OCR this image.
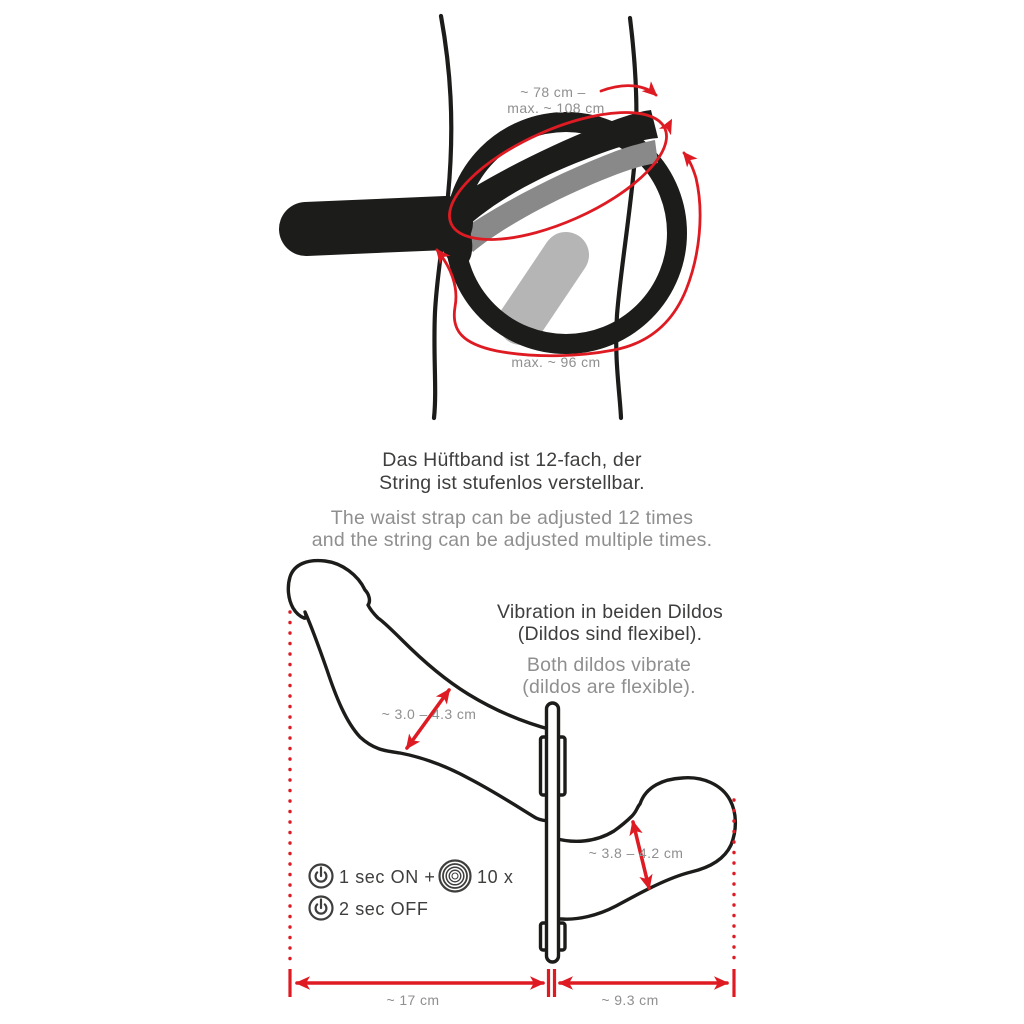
~ 78 cm –
max. ~ 108 cm
max. ~ 96 cm
Das Hüftband ist 12-fach, der
String ist stufenlos verstellbar.
The waist strap can be adjusted 12 times
and the string can be adjusted multiple times.
Vibration in beiden Dildos
(Dildos sind flexibel).
Both dildos vibrate
(dildos are flexible).
~ 3.0 – 4.3 cm
~ 3.8 – 4.2 cm
1 sec ON + 10 x
2 sec OFF
~ 17 cm	~ 9.3 cm
